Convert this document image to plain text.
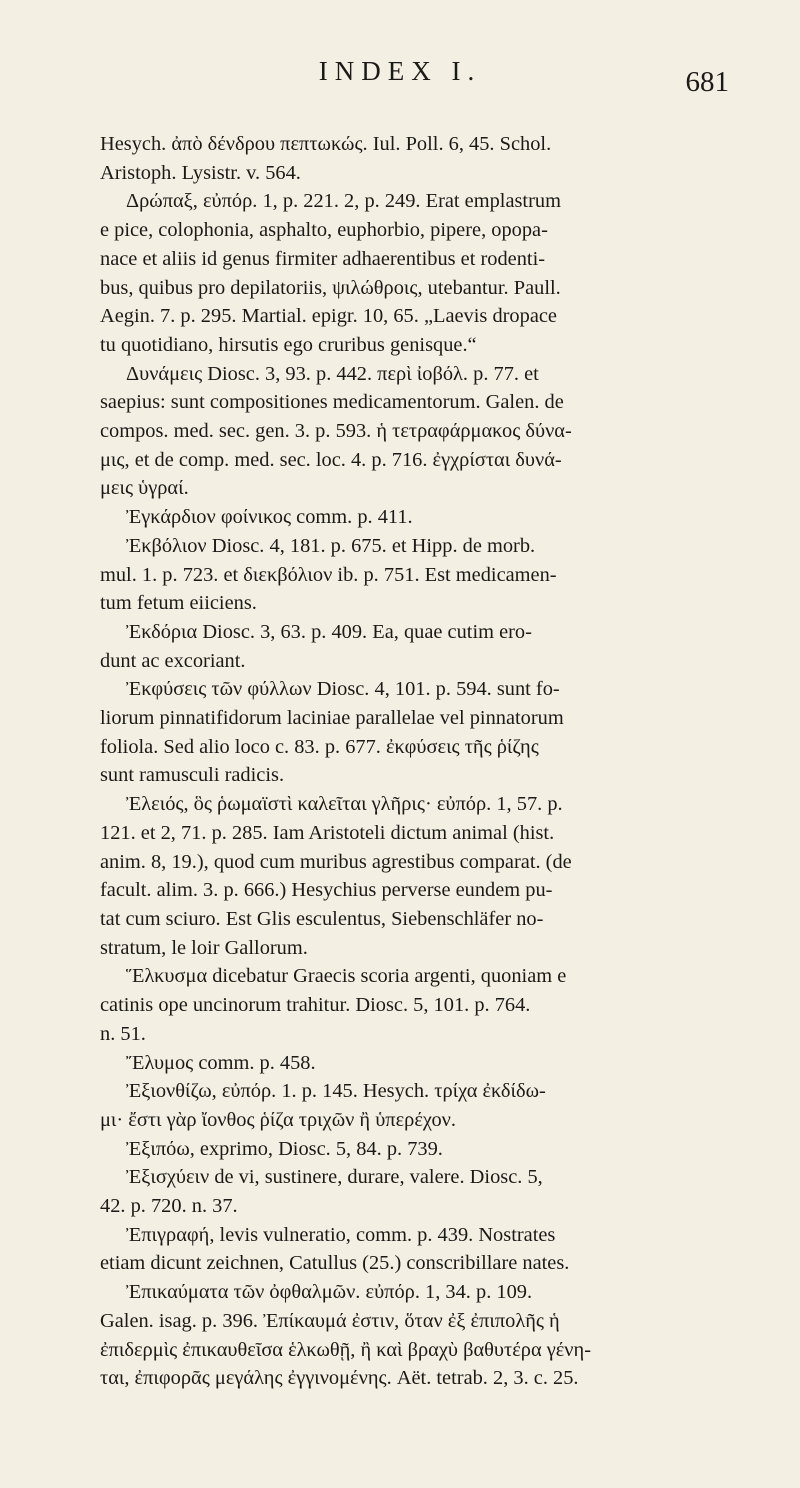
INDEX I.	681
Hesych. ἀπὸ δένδρου πεπτωκώς. Iul. Poll. 6, 45. Schol.
Aristoph. Lysistr. v. 564.
Δρώπαξ, εὐπόρ. 1, p. 221. 2, p. 249. Erat emplastrum
e pice, colophonia, asphalto, euphorbio, pipere, opopa-
nace et aliis id genus firmiter adhaerentibus et rodenti-
bus, quibus pro depilatoriis, ψιλώθροις, utebantur. Paull.
Aegin. 7. p. 295. Martial. epigr. 10, 65. „Laevis dropace
tu quotidiano, hirsutis ego cruribus genisque.“
Δυνάμεις Diosc. 3, 93. p. 442. περὶ ἰοβόλ. p. 77. et
saepius: sunt compositiones medicamentorum. Galen. de
compos. med. sec. gen. 3. p. 593. ἡ τετραφάρμακος δύνα-
μις, et de comp. med. sec. loc. 4. p. 716. ἐγχρίσται δυνά-
μεις ὑγραί.
Ἐγκάρδιον φοίνικος comm. p. 411.
Ἐκβόλιον Diosc. 4, 181. p. 675. et Hipp. de morb.
mul. 1. p. 723. et διεκβόλιον ib. p. 751. Est medicamen-
tum fetum eiiciens.
Ἐκδόρια Diosc. 3, 63. p. 409. Ea, quae cutim ero-
dunt ac excoriant.
Ἐκφύσεις τῶν φύλλων Diosc. 4, 101. p. 594. sunt fo-
liorum pinnatifidorum laciniae parallelae vel pinnatorum
foliola. Sed alio loco c. 83. p. 677. ἐκφύσεις τῆς ῥίζης
sunt ramusculi radicis.
Ἐλειός, ὃς ῥωμαϊστὶ καλεῖται γλῆρις· εὐπόρ. 1, 57. p.
121. et 2, 71. p. 285. Iam Aristoteli dictum animal (hist.
anim. 8, 19.), quod cum muribus agrestibus comparat. (de
facult. alim. 3. p. 666.) Hesychius perverse eundem pu-
tat cum sciuro. Est Glis esculentus, Siebenschläfer no-
stratum, le loir Gallorum.
Ἕλκυσμα dicebatur Graecis scoria argenti, quoniam e
catinis ope uncinorum trahitur. Diosc. 5, 101. p. 764.
n. 51.
Ἔλυμος comm. p. 458.
Ἐξιονθίζω, εὐπόρ. 1. p. 145. Hesych. τρίχα ἐκδίδω-
μι· ἔστι γὰρ ἴονθος ῥίζα τριχῶν ἢ ὑπερέχον.
Ἐξιπόω, exprimo, Diosc. 5, 84. p. 739.
Ἐξισχύειν de vi, sustinere, durare, valere. Diosc. 5,
42. p. 720. n. 37.
Ἐπιγραφή, levis vulneratio, comm. p. 439. Nostrates
etiam dicunt zeichnen, Catullus (25.) conscribillare nates.
Ἐπικαύματα τῶν ὀφθαλμῶν. εὐπόρ. 1, 34. p. 109.
Galen. isag. p. 396. Ἐπίκαυμά ἐστιν, ὅταν ἐξ ἐπιπολῆς ἡ
ἐπιδερμὶς ἐπικαυθεῖσα ἑλκωθῇ, ἢ καὶ βραχὺ βαθυτέρα γένη-
ται, ἐπιφορᾶς μεγάλης ἐγγινομένης. Aët. tetrab. 2, 3. c. 25.
